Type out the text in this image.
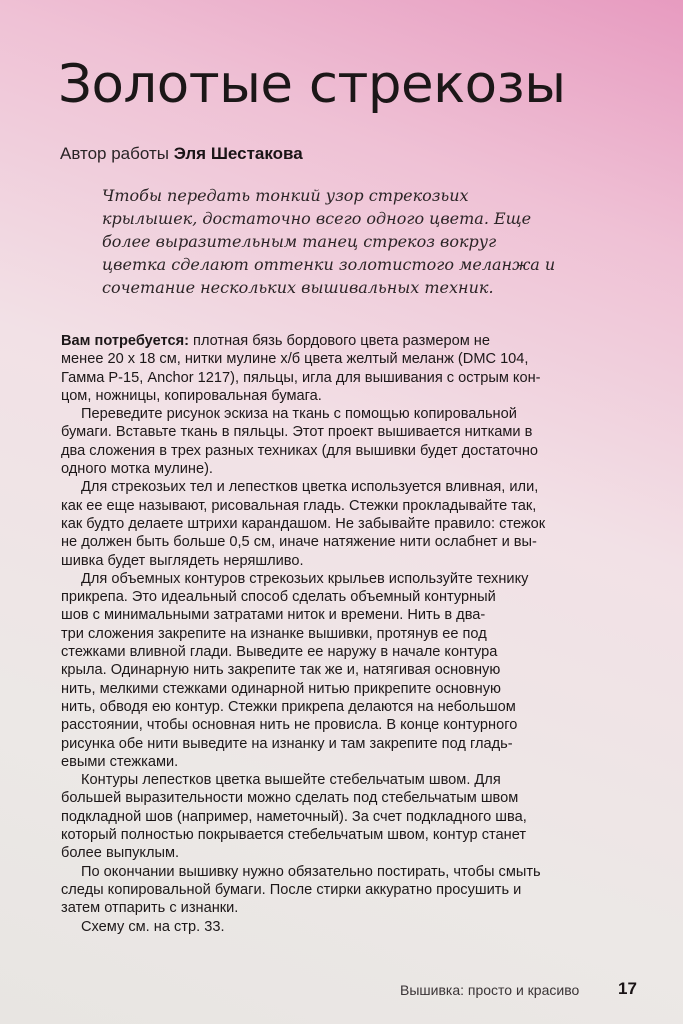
Золотые стрекозы
Автор работы Эля Шестакова
Чтобы передать тонкий узор стрекозьих
крылышек, достаточно всего одного цвета. Еще
более выразительным танец стрекоз вокруг
цветка сделают оттенки золотистого меланжа и
сочетание нескольких вышивальных техник.
Вам потребуется: плотная бязь бордового цвета размером не
менее 20 х 18 см, нитки мулине х/б цвета желтый меланж (DMC 104,
Гамма Р-15, Anchor 1217), пяльцы, игла для вышивания с острым кон-
цом, ножницы, копировальная бумага.
Переведите рисунок эскиза на ткань с помощью копировальной
бумаги. Вставьте ткань в пяльцы. Этот проект вышивается нитками в
два сложения в трех разных техниках (для вышивки будет достаточно
одного мотка мулине).
Для стрекозьих тел и лепестков цветка используется вливная, или,
как ее еще называют, рисовальная гладь. Стежки прокладывайте так,
как будто делаете штрихи карандашом. Не забывайте правило: стежок
не должен быть больше 0,5 см, иначе натяжение нити ослабнет и вы-
шивка будет выглядеть неряшливо.
Для объемных контуров стрекозьих крыльев используйте технику
прикрепа. Это идеальный способ сделать объемный контурный
шов с минимальными затратами ниток и времени. Нить в два-
три сложения закрепите на изнанке вышивки, протянув ее под
стежками вливной глади. Выведите ее наружу в начале контура
крыла. Одинарную нить закрепите так же и, натягивая основную
нить, мелкими стежками одинарной нитью прикрепите основную
нить, обводя ею контур. Стежки прикрепа делаются на небольшом
расстоянии, чтобы основная нить не провисла. В конце контурного
рисунка обе нити выведите на изнанку и там закрепите под гладь-
евыми стежками.
Контуры лепестков цветка вышейте стебельчатым швом. Для
большей выразительности можно сделать под стебельчатым швом
подкладной шов (например, наметочный). За счет подкладного шва,
который полностью покрывается стебельчатым швом, контур станет
более выпуклым.
По окончании вышивку нужно обязательно постирать, чтобы смыть
следы копировальной бумаги. После стирки аккуратно просушить и
затем отпарить с изнанки.
Схему см. на стр. 33.
Вышивка: просто и красиво 17
